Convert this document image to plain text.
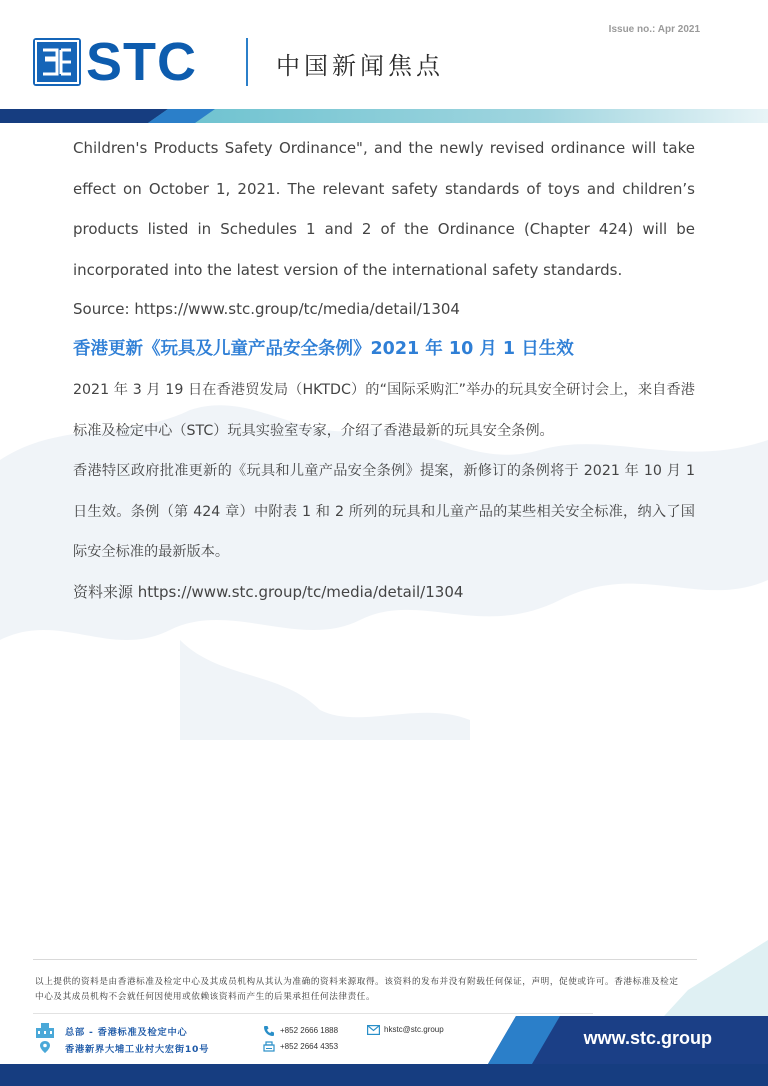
Issue no.: Apr 2021
STC	中国新闻焦点

Children's Products Safety Ordinance", and the newly revised ordinance will take effect on October 1, 2021. The relevant safety standards of toys and children’s products listed in Schedules 1 and 2 of the Ordinance (Chapter 424) will be incorporated into the latest version of the international safety standards.

Source: https://www.stc.group/tc/media/detail/1304

香港更新《玩具及儿童产品安全条例》2021 年 10 月 1 日生效

2021 年 3 月 19 日在香港贸发局（HKTDC）的“国际采购汇”举办的玩具安全研讨会上，来自香港标准及检定中心（STC）玩具实验室专家，介绍了香港最新的玩具安全条例。

香港特区政府批准更新的《玩具和儿童产品安全条例》提案，新修订的条例将于 2021 年 10 月 1 日生效。条例（第 424 章）中附表 1 和 2 所列的玩具和儿童产品的某些相关安全标准，纳入了国际安全标准的最新版本。

资料来源 https://www.stc.group/tc/media/detail/1304

以上提供的资料是由香港标准及检定中心及其成员机构从其认为准确的资料来源取得。该资料的发布并没有附载任何保证，声明，促使或许可。香港标准及检定中心及其成员机构不会就任何因使用或依赖该资料而产生的后果承担任何法律责任。
总部 - 香港标准及检定中心
香港新界大埔工业村大宏街10号
+852 2666 1888
+852 2664 4353
hkstc@stc.group	www.stc.group
